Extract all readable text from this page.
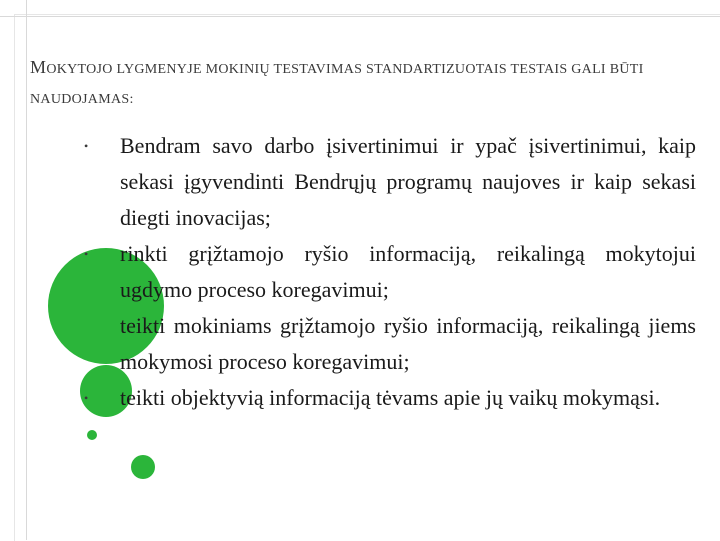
MOKYTOJO LYGMENYJE MOKINIŲ TESTAVIMAS STANDARTIZUOTAIS TESTAIS GALI BŪTI NAUDOJAMAS:
• Bendram savo darbo įsivertinimui ir ypač įsivertinimui, kaip sekasi įgyvendinti Bendrųjų programų naujoves ir kaip sekasi diegti inovacijas;
• rinkti grįžtamojo ryšio informaciją, reikalingą mokytojui ugdymo proceso koregavimui;
teikti mokiniams grįžtamojo ryšio informaciją, reikalingą jiems mokymosi proceso koregavimui;
• teikti objektyvią informaciją tėvams apie jų vaikų mokymąsi.
